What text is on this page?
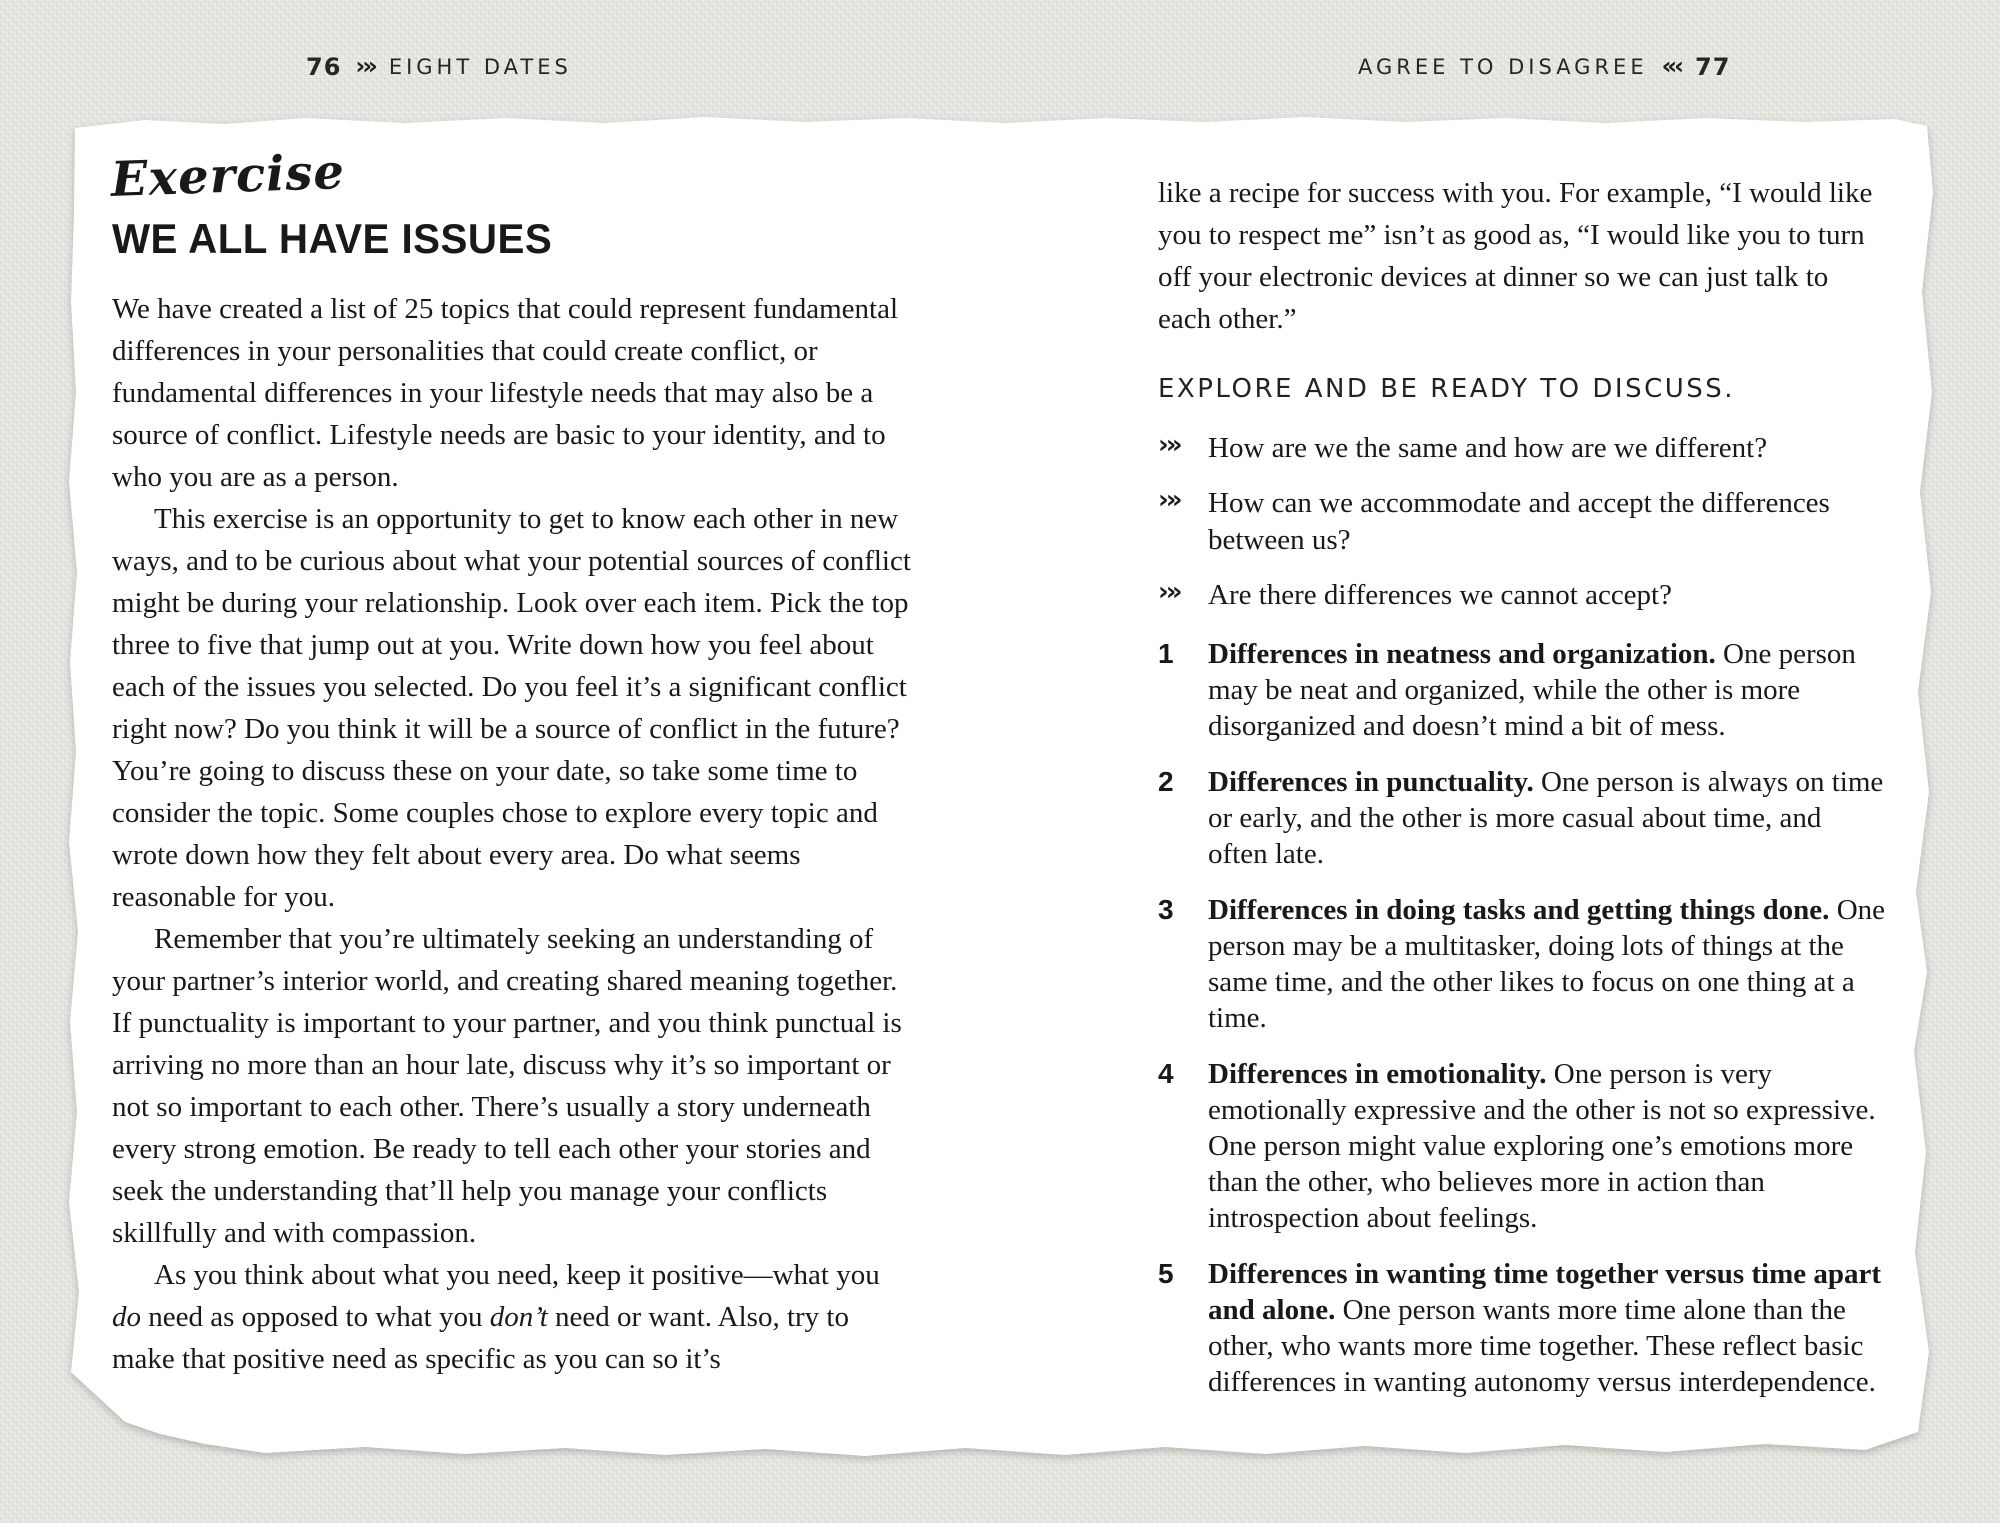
76 ›» EIGHT DATES	AGREE TO DISAGREE «‹ 77
Exercise
WE ALL HAVE ISSUES

We have created a list of 25 topics that could represent fundamental differences in your personalities that could create conflict, or fundamental differences in your lifestyle needs that may also be a source of conflict. Lifestyle needs are basic to your identity, and to who you are as a person.

This exercise is an opportunity to get to know each other in new ways, and to be curious about what your potential sources of conflict might be during your relationship. Look over each item. Pick the top three to five that jump out at you. Write down how you feel about each of the issues you selected. Do you feel it’s a significant conflict right now? Do you think it will be a source of conflict in the future? You’re going to discuss these on your date, so take some time to consider the topic. Some couples chose to explore every topic and wrote down how they felt about every area. Do what seems reasonable for you.

Remember that you’re ultimately seeking an understanding of your partner’s interior world, and creating shared meaning together. If punctuality is important to your partner, and you think punctual is arriving no more than an hour late, discuss why it’s so important or not so important to each other. There’s usually a story underneath every strong emotion. Be ready to tell each other your stories and seek the understanding that’ll help you manage your conflicts skillfully and with compassion.

As you think about what you need, keep it positive—what you do need as opposed to what you don’t need or want. Also, try to make that positive need as specific as you can so it’s

like a recipe for success with you. For example, “I would like you to respect me” isn’t as good as, “I would like you to turn off your electronic devices at dinner so we can just talk to each other.”

EXPLORE AND BE READY TO DISCUSS.
›» How are we the same and how are we different?
›» How can we accommodate and accept the differences between us?
›» Are there differences we cannot accept?
1 Differences in neatness and organization. One person may be neat and organized, while the other is more disorganized and doesn’t mind a bit of mess.
2 Differences in punctuality. One person is always on time or early, and the other is more casual about time, and often late.
3 Differences in doing tasks and getting things done. One person may be a multitasker, doing lots of things at the same time, and the other likes to focus on one thing at a time.
4 Differences in emotionality. One person is very emotionally expressive and the other is not so expressive. One person might value exploring one’s emotions more than the other, who believes more in action than introspection about feelings.
5 Differences in wanting time together versus time apart and alone. One person wants more time alone than the other, who wants more time together. These reflect basic differences in wanting autonomy versus interdependence.
